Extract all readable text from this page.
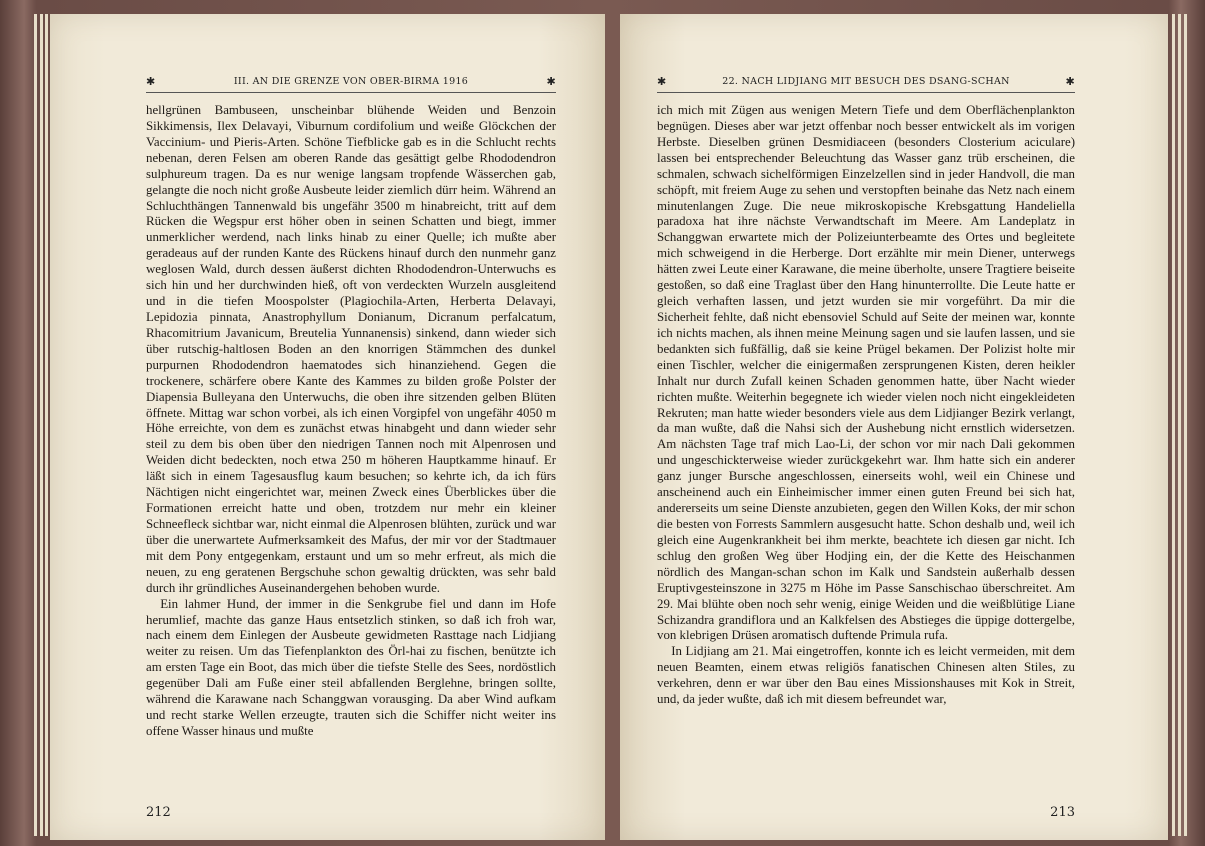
✱	III. AN DIE GRENZE VON OBER-BIRMA 1916	✱

hellgrünen Bambuseen, unscheinbar blühende Weiden und Benzoin Sikkimensis, Ilex Delavayi, Viburnum cordifolium und weiße Glöckchen der Vaccinium- und Pieris-Arten. Schöne Tiefblicke gab es in die Schlucht rechts nebenan, deren Felsen am oberen Rande das gesättigt gelbe Rhododendron sulphureum tragen. Da es nur wenige langsam tropfende Wässerchen gab, gelangte die noch nicht große Ausbeute leider ziemlich dürr heim. Während an Schluchthängen Tannenwald bis ungefähr 3500 m hinabreicht, tritt auf dem Rücken die Wegspur erst höher oben in seinen Schatten und biegt, immer unmerklicher werdend, nach links hinab zu einer Quelle; ich mußte aber geradeaus auf der runden Kante des Rückens hinauf durch den nunmehr ganz weglosen Wald, durch dessen äußerst dichten Rhododendron-Unterwuchs es sich hin und her durchwinden hieß, oft von verdeckten Wurzeln ausgleitend und in die tiefen Moospolster (Plagiochila-Arten, Herberta Delavayi, Lepidozia pinnata, Anastrophyllum Donianum, Dicranum perfalcatum, Rhacomitrium Javanicum, Breutelia Yunnanensis) sinkend, dann wieder sich über rutschig-haltlosen Boden an den knorrigen Stämmchen des dunkel purpurnen Rhododendron haematodes sich hinanziehend. Gegen die trockenere, schärfere obere Kante des Kammes zu bilden große Polster der Diapensia Bulleyana den Unterwuchs, die oben ihre sitzenden gelben Blüten öffnete. Mittag war schon vorbei, als ich einen Vorgipfel von ungefähr 4050 m Höhe erreichte, von dem es zunächst etwas hinabgeht und dann wieder sehr steil zu dem bis oben über den niedrigen Tannen noch mit Alpenrosen und Weiden dicht bedeckten, noch etwa 250 m höheren Hauptkamme hinauf. Er läßt sich in einem Tagesausflug kaum besuchen; so kehrte ich, da ich fürs Nächtigen nicht eingerichtet war, meinen Zweck eines Überblickes über die Formationen erreicht hatte und oben, trotzdem nur mehr ein kleiner Schneefleck sichtbar war, nicht einmal die Alpenrosen blühten, zurück und war über die unerwartete Aufmerksamkeit des Mafus, der mir vor der Stadtmauer mit dem Pony entgegenkam, erstaunt und um so mehr erfreut, als mich die neuen, zu eng geratenen Bergschuhe schon gewaltig drückten, was sehr bald durch ihr gründliches Auseinandergehen behoben wurde.

Ein lahmer Hund, der immer in die Senkgrube fiel und dann im Hofe herumlief, machte das ganze Haus entsetzlich stinken, so daß ich froh war, nach einem dem Einlegen der Ausbeute gewidmeten Rasttage nach Lidjiang weiter zu reisen. Um das Tiefenplankton des Örl-hai zu fischen, benützte ich am ersten Tage ein Boot, das mich über die tiefste Stelle des Sees, nordöstlich gegenüber Dali am Fuße einer steil abfallenden Berglehne, bringen sollte, während die Karawane nach Schanggwan vorausging. Da aber Wind aufkam und recht starke Wellen erzeugte, trauten sich die Schiffer nicht weiter ins offene Wasser hinaus und mußte

212
✱	22. NACH LIDJIANG MIT BESUCH DES DSANG-SCHAN	✱

ich mich mit Zügen aus wenigen Metern Tiefe und dem Oberflächenplankton begnügen. Dieses aber war jetzt offenbar noch besser entwickelt als im vorigen Herbste. Dieselben grünen Desmidiaceen (besonders Closterium aciculare) lassen bei entsprechender Beleuchtung das Wasser ganz trüb erscheinen, die schmalen, schwach sichelförmigen Einzelzellen sind in jeder Handvoll, die man schöpft, mit freiem Auge zu sehen und verstopften beinahe das Netz nach einem minutenlangen Zuge. Die neue mikroskopische Krebsgattung Handeliella paradoxa hat ihre nächste Verwandtschaft im Meere. Am Landeplatz in Schanggwan erwartete mich der Polizeiunterbeamte des Ortes und begleitete mich schweigend in die Herberge. Dort erzählte mir mein Diener, unterwegs hätten zwei Leute einer Karawane, die meine überholte, unsere Tragtiere beiseite gestoßen, so daß eine Traglast über den Hang hinunterrollte. Die Leute hatte er gleich verhaften lassen, und jetzt wurden sie mir vorgeführt. Da mir die Sicherheit fehlte, daß nicht ebensoviel Schuld auf Seite der meinen war, konnte ich nichts machen, als ihnen meine Meinung sagen und sie laufen lassen, und sie bedankten sich fußfällig, daß sie keine Prügel bekamen. Der Polizist holte mir einen Tischler, welcher die einigermaßen zersprungenen Kisten, deren heikler Inhalt nur durch Zufall keinen Schaden genommen hatte, über Nacht wieder richten mußte. Weiterhin begegnete ich wieder vielen noch nicht eingekleideten Rekruten; man hatte wieder besonders viele aus dem Lidjianger Bezirk verlangt, da man wußte, daß die Nahsi sich der Aushebung nicht ernstlich widersetzen. Am nächsten Tage traf mich Lao-Li, der schon vor mir nach Dali gekommen und ungeschickterweise wieder zurückgekehrt war. Ihm hatte sich ein anderer ganz junger Bursche angeschlossen, einerseits wohl, weil ein Chinese und anscheinend auch ein Einheimischer immer einen guten Freund bei sich hat, andererseits um seine Dienste anzubieten, gegen den Willen Koks, der mir schon die besten von Forrests Sammlern ausgesucht hatte. Schon deshalb und, weil ich gleich eine Augenkrankheit bei ihm merkte, beachtete ich diesen gar nicht. Ich schlug den großen Weg über Hodjing ein, der die Kette des Heischanmen nördlich des Mangan-schan schon im Kalk und Sandstein außerhalb dessen Eruptivgesteinszone in 3275 m Höhe im Passe Sanschischao überschreitet. Am 29. Mai blühte oben noch sehr wenig, einige Weiden und die weißblütige Liane Schizandra grandiflora und an Kalkfelsen des Abstieges die üppige dottergelbe, von klebrigen Drüsen aromatisch duftende Primula rufa.

In Lidjiang am 21. Mai eingetroffen, konnte ich es leicht vermeiden, mit dem neuen Beamten, einem etwas religiös fanatischen Chinesen alten Stiles, zu verkehren, denn er war über den Bau eines Missionshauses mit Kok in Streit, und, da jeder wußte, daß ich mit diesem befreundet war,

213
